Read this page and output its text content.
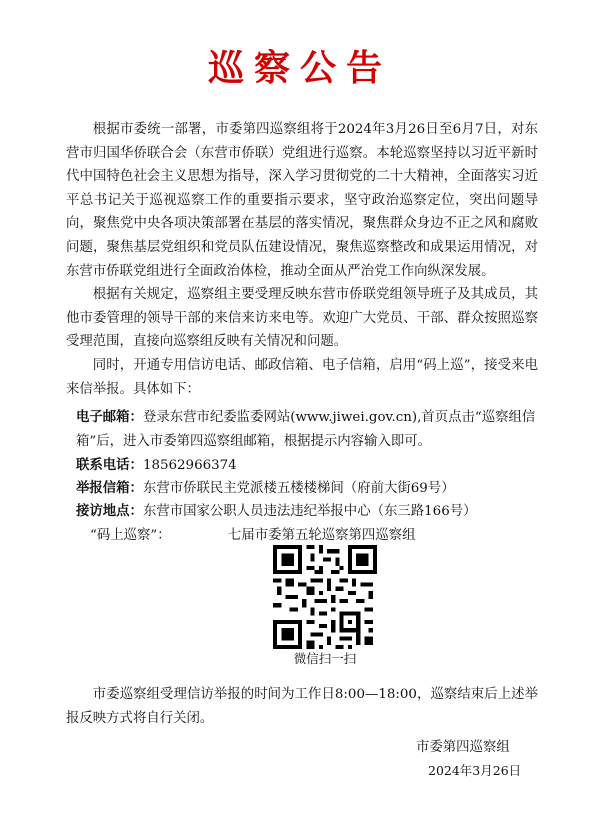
巡察公告

根据市委统一部署，市委第四巡察组将于2024年3月26日至6月7日，对东营市归国华侨联合会（东营市侨联）党组进行巡察。本轮巡察坚持以习近平新时代中国特色社会主义思想为指导，深入学习贯彻党的二十大精神，全面落实习近平总书记关于巡视巡察工作的重要指示要求，坚守政治巡察定位，突出问题导向，聚焦党中央各项决策部署在基层的落实情况，聚焦群众身边不正之风和腐败问题，聚焦基层党组织和党员队伍建设情况，聚焦巡察整改和成果运用情况，对东营市侨联党组进行全面政治体检，推动全面从严治党工作向纵深发展。

根据有关规定，巡察组主要受理反映东营市侨联党组领导班子及其成员，其他市委管理的领导干部的来信来访来电等。欢迎广大党员、干部、群众按照巡察受理范围，直接向巡察组反映有关情况和问题。

同时，开通专用信访电话、邮政信箱、电子信箱，启用“码上巡”，接受来电来信举报。具体如下：

电子邮箱：登录东营市纪委监委网站(www.jiwei.gov.cn),首页点击“巡察组信箱”后，进入市委第四巡察组邮箱，根据提示内容输入即可。
联系电话：18562966374
举报信箱：东营市侨联民主党派楼五楼楼梯间（府前大街69号）
接访地点：东营市国家公职人员违法违纪举报中心（东三路166号）
“码上巡察”：	七届市委第五轮巡察第四巡察组
微信扫一扫

市委巡察组受理信访举报的时间为工作日8:00—18:00，巡察结束后上述举报反映方式将自行关闭。

市委第四巡察组
2024年3月26日
